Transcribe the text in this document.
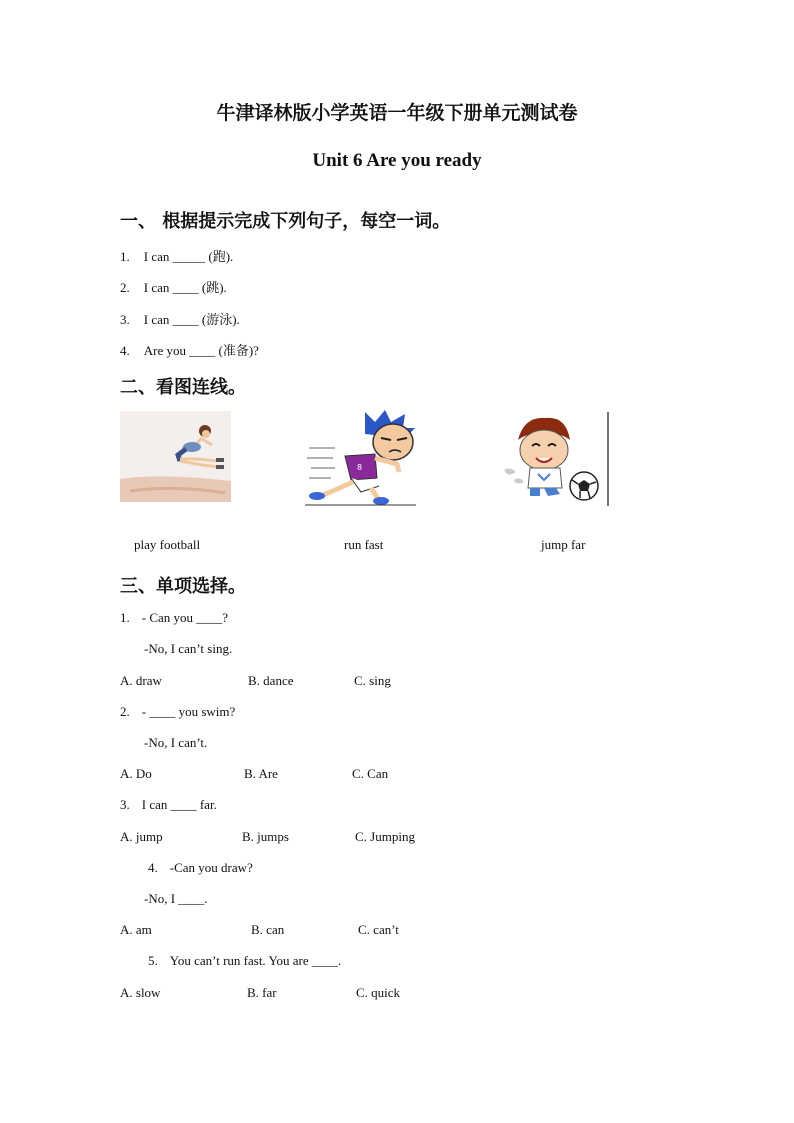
牛津译林版小学英语一年级下册单元测试卷
Unit 6 Are you ready
一、 根据提示完成下列句子，每空一词。
1. I can _____ (跑).
2. I can ____ (跳).
3. I can ____ (游泳).
4. Are you ____ (准备)?
二、看图连线。
8
play football	run fast	jump far
三、单项选择。
1. - Can you ____?
-No, I can’t sing.
A. draw	B. dance	C. sing
2. - ____ you swim?
-No, I can’t.
A. Do	B. Are	C. Can
3. I can ____ far.
A. jump	B. jumps	C. Jumping
4. -Can you draw?
-No, I ____.
A. am	B. can	C. can’t
5. You can’t run fast. You are ____.
A. slow	B. far	C. quick
